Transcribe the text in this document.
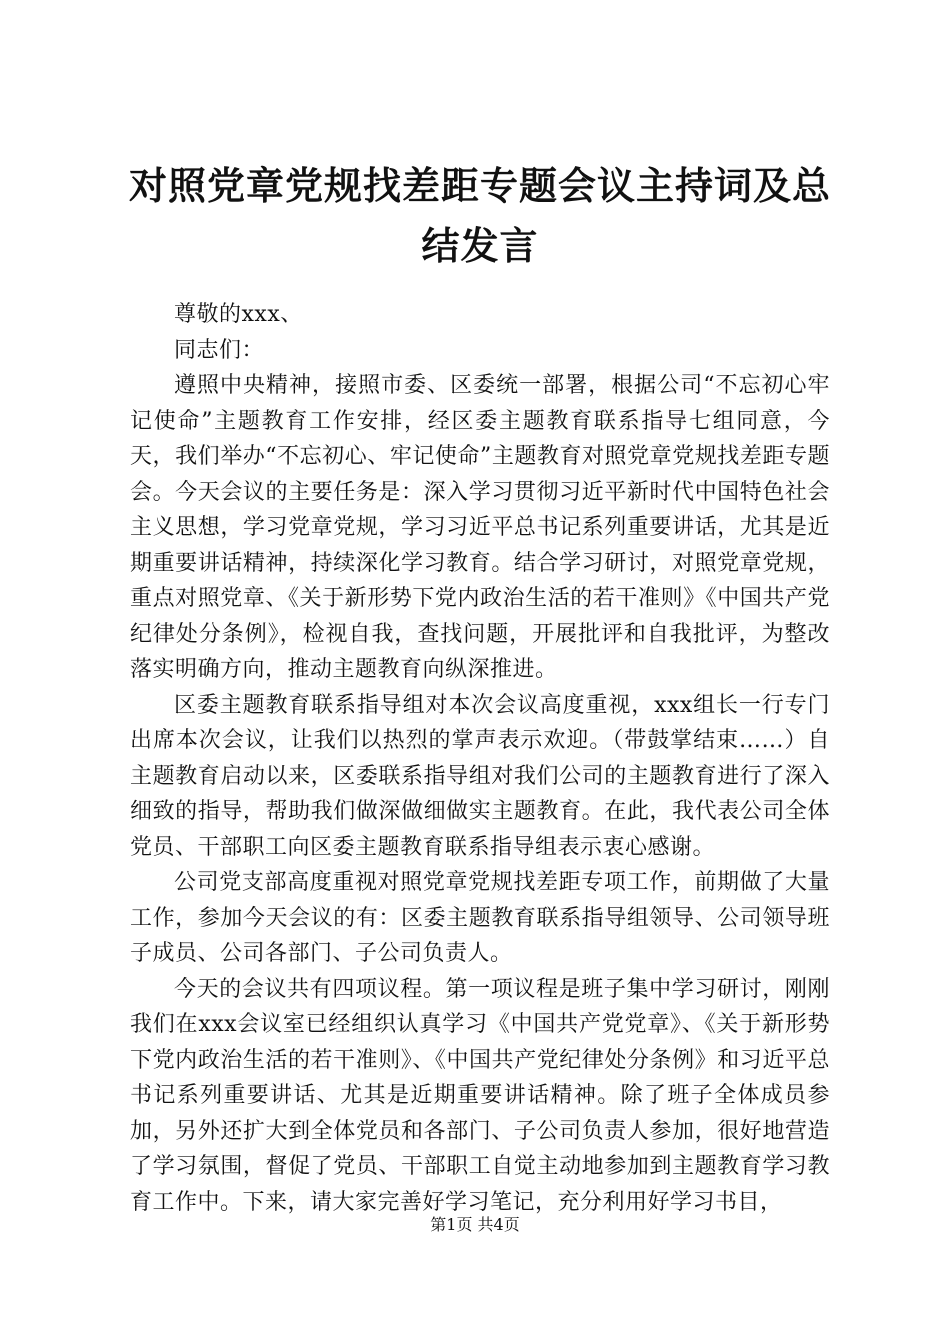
对照党章党规找差距专题会议主持词及总结发言

尊敬的xxx、

同志们：

遵照中央精神，接照市委、区委统一部署，根据公司“不忘初心牢记使命”主题教育工作安排，经区委主题教育联系指导七组同意，今天，我们举办“不忘初心、牢记使命”主题教育对照党章党规找差距专题会。今天会议的主要任务是：深入学习贯彻习近平新时代中国特色社会主义思想，学习党章党规，学习习近平总书记系列重要讲话，尤其是近期重要讲话精神，持续深化学习教育。结合学习研讨，对照党章党规，重点对照党章、《关于新形势下党内政治生活的若干准则》《中国共产党纪律处分条例》，检视自我，查找问题，开展批评和自我批评，为整改落实明确方向，推动主题教育向纵深推进。

区委主题教育联系指导组对本次会议高度重视，xxx组长一行专门出席本次会议，让我们以热烈的掌声表示欢迎。（带鼓掌结束……）自主题教育启动以来，区委联系指导组对我们公司的主题教育进行了深入细致的指导，帮助我们做深做细做实主题教育。在此，我代表公司全体党员、干部职工向区委主题教育联系指导组表示衷心感谢。

公司党支部高度重视对照党章党规找差距专项工作，前期做了大量工作，参加今天会议的有：区委主题教育联系指导组领导、公司领导班子成员、公司各部门、子公司负责人。

今天的会议共有四项议程。第一项议程是班子集中学习研讨，刚刚我们在xxx会议室已经组织认真学习《中国共产党党章》、《关于新形势下党内政治生活的若干准则》、《中国共产党纪律处分条例》和习近平总书记系列重要讲话、尤其是近期重要讲话精神。除了班子全体成员参加，另外还扩大到全体党员和各部门、子公司负责人参加，很好地营造了学习氛围，督促了党员、干部职工自觉主动地参加到主题教育学习教育工作中。下来，请大家完善好学习笔记，充分利用好学习书目，

第1页 共4页
